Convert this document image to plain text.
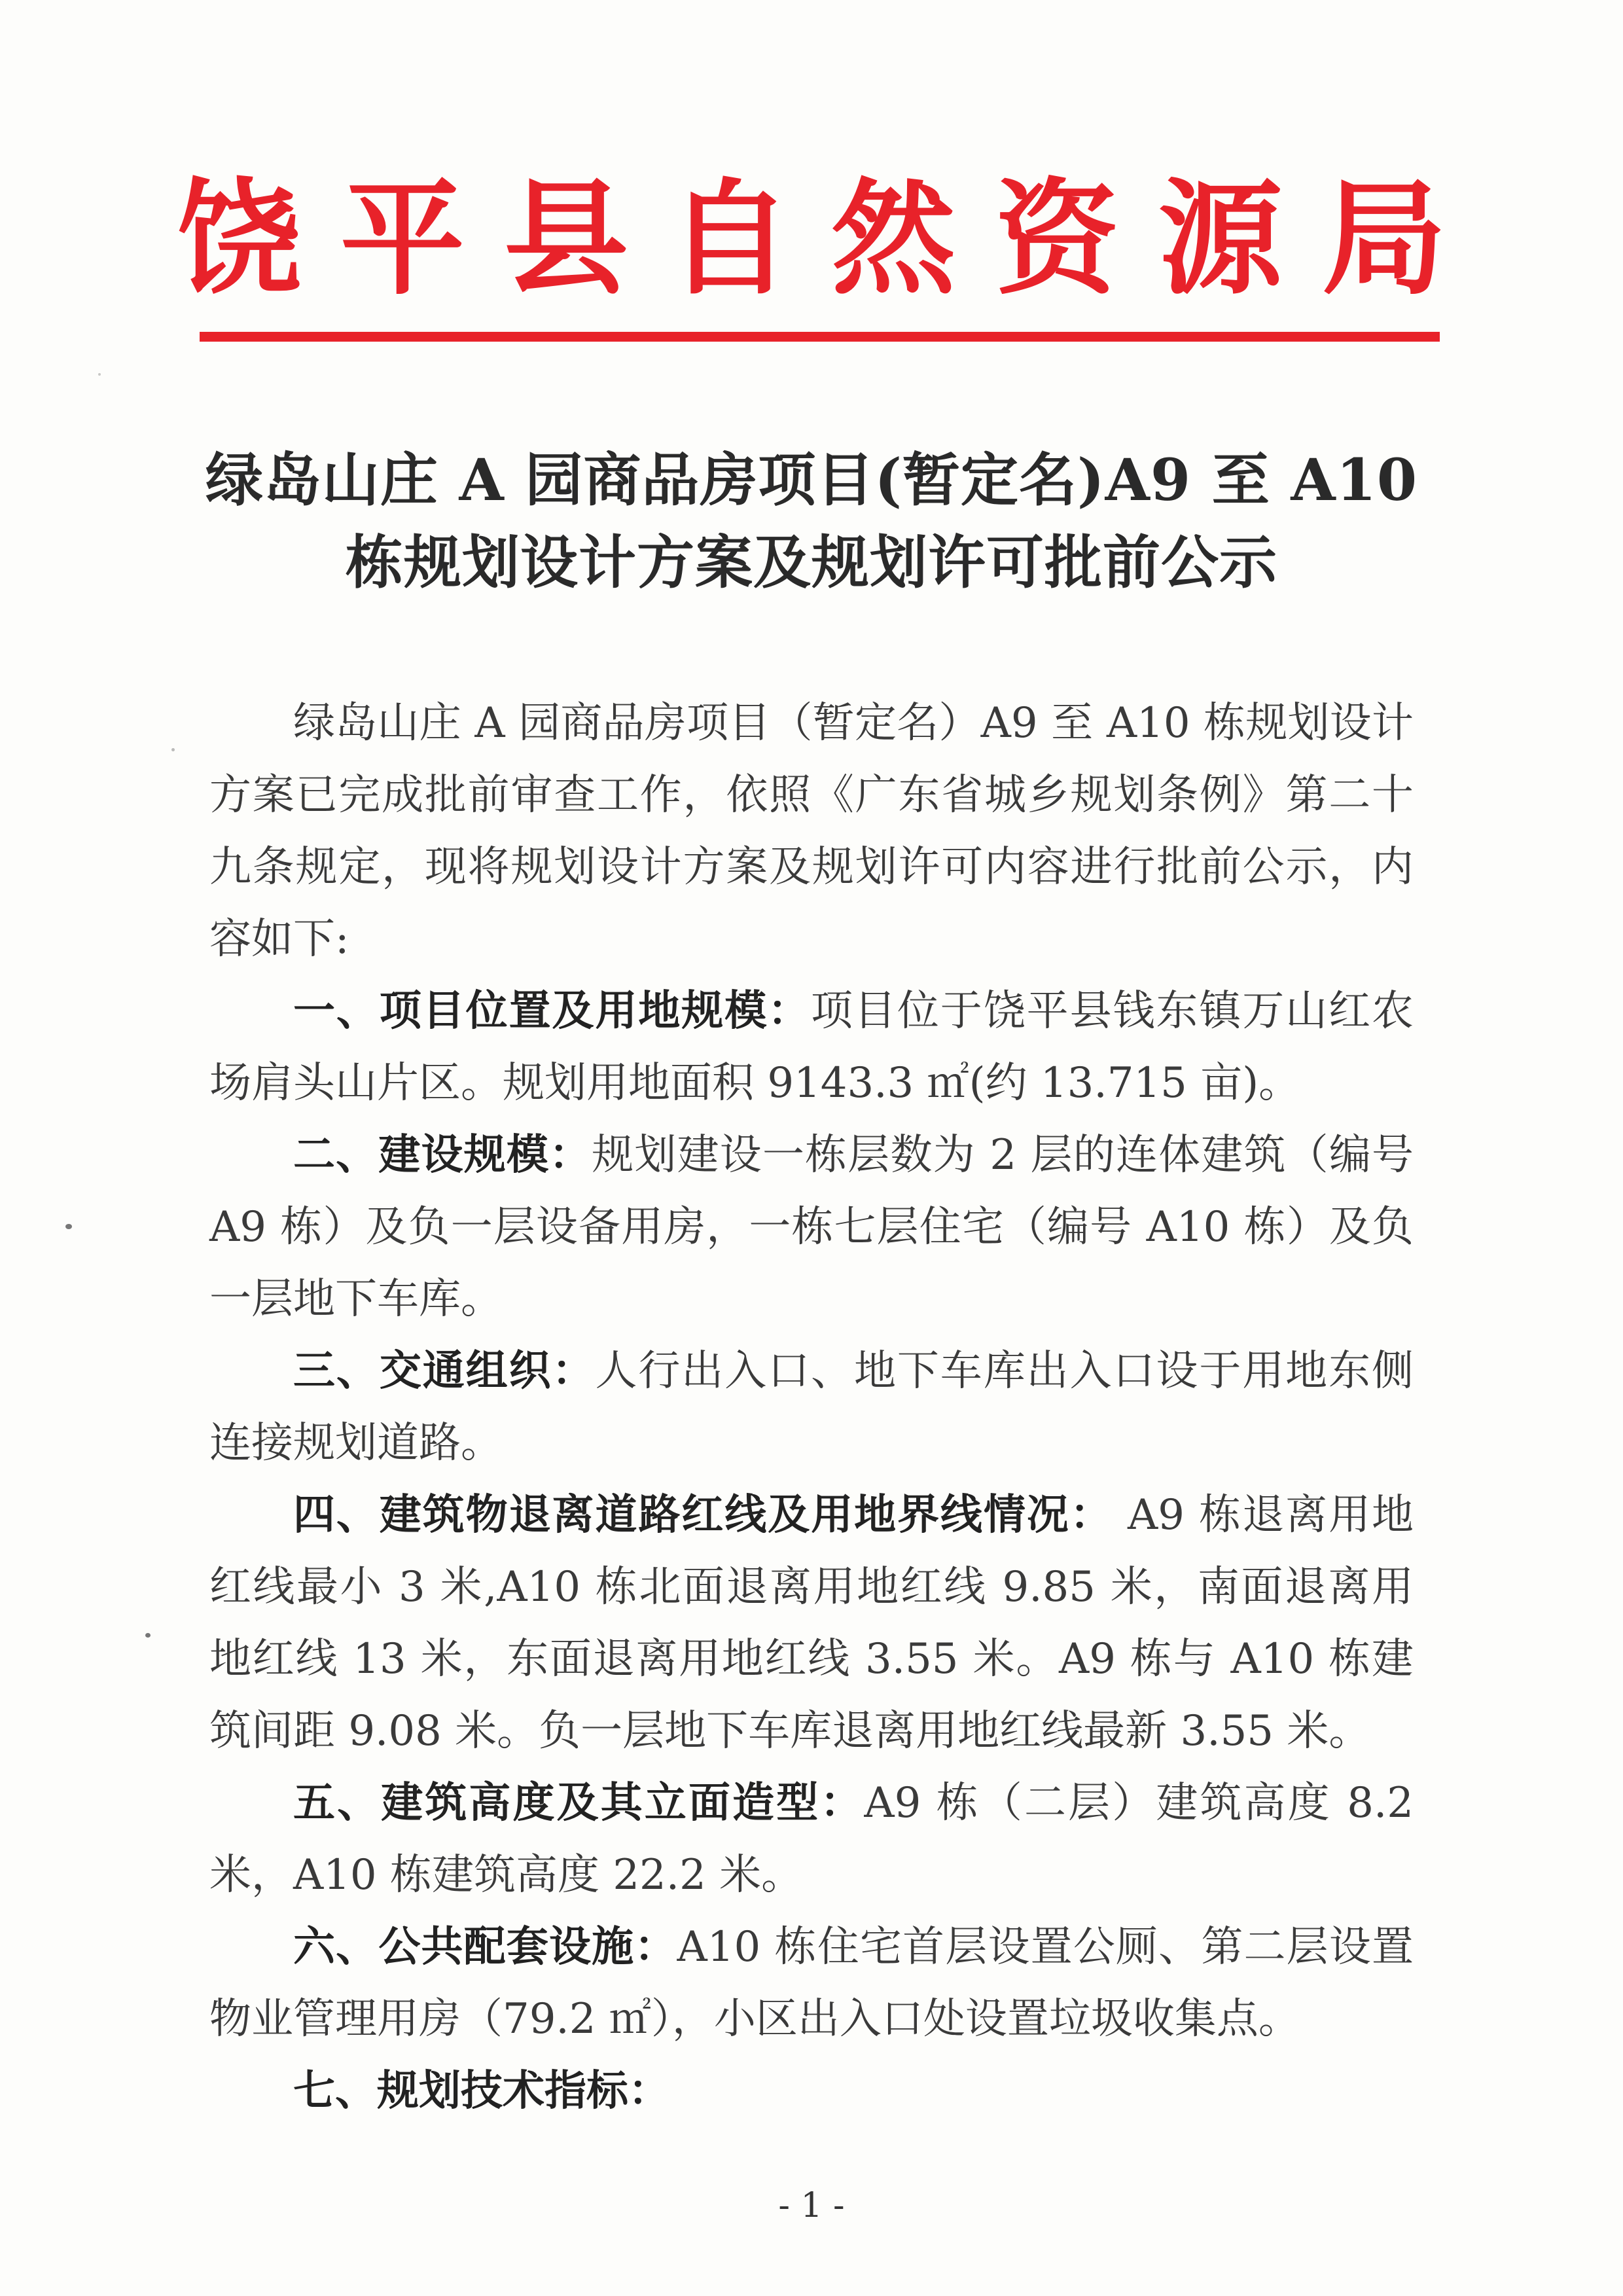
饶 平 县 自 然 资 源 局
绿岛山庄 A 园商品房项目(暂定名)A9 至 A10
栋规划设计方案及规划许可批前公示

绿岛山庄 A 园商品房项目（暂定名）A9 至 A10 栋规划设计方案已完成批前审查工作，依照《广东省城乡规划条例》第二十九条规定，现将规划设计方案及规划许可内容进行批前公示，内容如下:

一、项目位置及用地规模：项目位于饶平县钱东镇万山红农场肩头山片区。规划用地面积 9143.3 ㎡(约 13.715 亩)。

二、建设规模：规划建设一栋层数为 2 层的连体建筑（编号 A9 栋）及负一层设备用房，一栋七层住宅（编号 A10 栋）及负一层地下车库。

三、交通组织：人行出入口、地下车库出入口设于用地东侧连接规划道路。

四、建筑物退离道路红线及用地界线情况： A9 栋退离用地红线最小 3 米,A10 栋北面退离用地红线 9.85 米，南面退离用地红线 13 米，东面退离用地红线 3.55 米。A9 栋与 A10 栋建筑间距 9.08 米。负一层地下车库退离用地红线最新 3.55 米。

五、建筑高度及其立面造型：A9 栋（二层）建筑高度 8.2 米，A10 栋建筑高度 22.2 米。

六、公共配套设施：A10 栋住宅首层设置公厕、第二层设置物业管理用房（79.2 ㎡），小区出入口处设置垃圾收集点。

七、规划技术指标：

- 1 -
